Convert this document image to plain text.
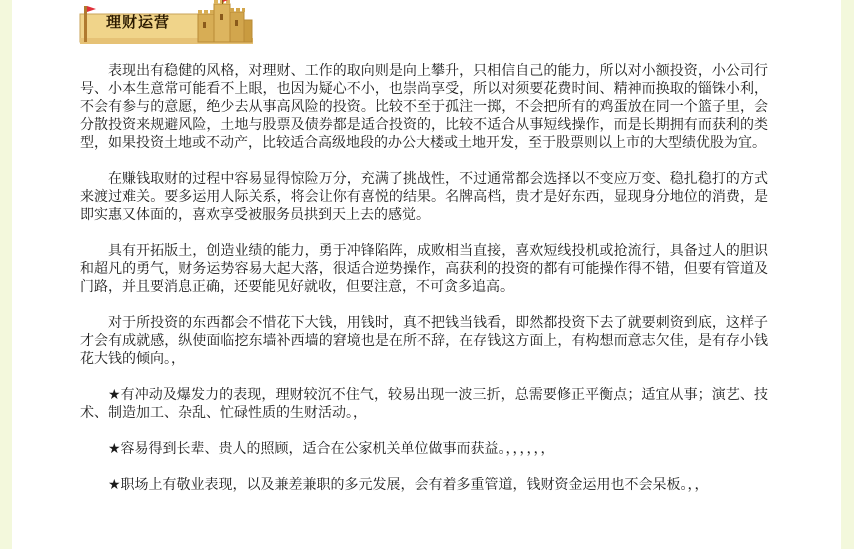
理财运营

表现出有稳健的风格，对理财、工作的取向则是向上攀升，只相信自己的能力，所以对小额投资，小公司行号、小本生意常可能看不上眼，也因为疑心不小，也崇尚享受，所以对须要花费时间、精神而换取的锱铢小利，不会有参与的意愿，绝少去从事高风险的投资。比较不至于孤注一掷，不会把所有的鸡蛋放在同一个篮子里，会分散投资来规避风险，土地与股票及债券都是适合投资的，比较不适合从事短线操作，而是长期拥有而获利的类型，如果投资土地或不动产，比较适合高级地段的办公大楼或土地开发，至于股票则以上市的大型绩优股为宜。

在赚钱取财的过程中容易显得惊险万分，充满了挑战性，不过通常都会选择以不变应万变、稳扎稳打的方式来渡过难关。要多运用人际关系，将会让你有喜悦的结果。名牌高档，贵才是好东西，显现身分地位的消费，是即实惠又体面的，喜欢享受被服务员拱到天上去的感觉。

具有开拓版土，创造业绩的能力，勇于冲锋陷阵，成败相当直接，喜欢短线投机或抢流行，具备过人的胆识和超凡的勇气，财务运势容易大起大落，很适合逆势操作，高获利的投资的都有可能操作得不错，但要有管道及门路，并且要消息正确，还要能见好就收，但要注意，不可贪多追高。

对于所投资的东西都会不惜花下大钱，用钱时，真不把钱当钱看，即然都投资下去了就要刺资到底，这样子才会有成就感，纵使面临挖东墙补西墙的窘境也是在所不辞，在存钱这方面上，有构想而意志欠佳，是有存小钱花大钱的倾向。，

★有冲动及爆发力的表现，理财较沉不住气，较易出现一波三折，总需要修正平衡点；适宜从事；演艺、技术、制造加工、杂乱、忙碌性质的生财活动。，

★容易得到长辈、贵人的照顾，适合在公家机关单位做事而获益。，，，，，，

★职场上有敬业表现，以及兼差兼职的多元发展，会有着多重管道，钱财资金运用也不会呆板。，，
